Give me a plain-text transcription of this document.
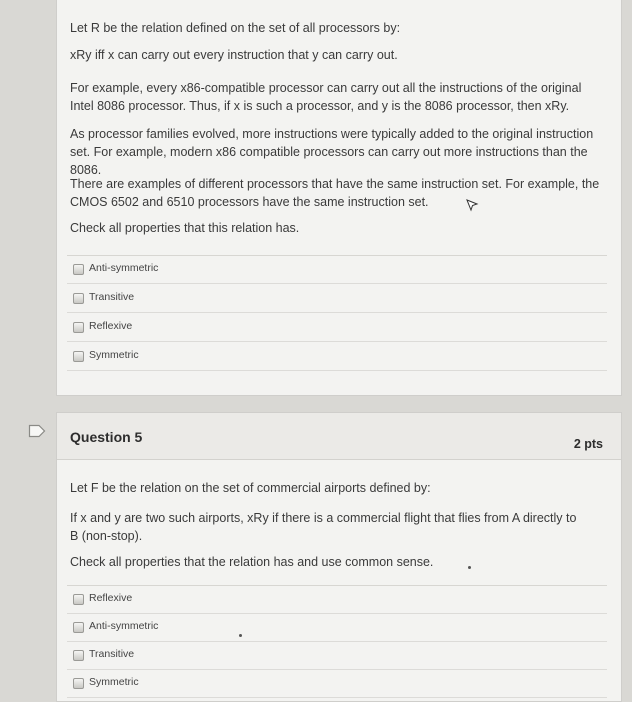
Let R be the relation defined on the set of all processors by:

xRy iff x can carry out every instruction that y can carry out.

For example, every x86-compatible processor can carry out all the instructions of the original Intel 8086 processor. Thus, if x is such a processor, and y is the 8086 processor, then xRy.

As processor families evolved, more instructions were typically added to the original instruction set. For example, modern x86 compatible processors can carry out more instructions than the 8086.

There are examples of different processors that have the same instruction set. For example, the CMOS 6502 and 6510 processors have the same instruction set.

Check all properties that this relation has.

Anti-symmetric
Transitive
Reflexive
Symmetric
Question 5	2 pts

Let F be the relation on the set of commercial airports defined by:

If x and y are two such airports, xRy if there is a commercial flight that flies from A directly to B (non-stop).

Check all properties that the relation has and use common sense.

Reflexive
Anti-symmetric
Transitive
Symmetric
